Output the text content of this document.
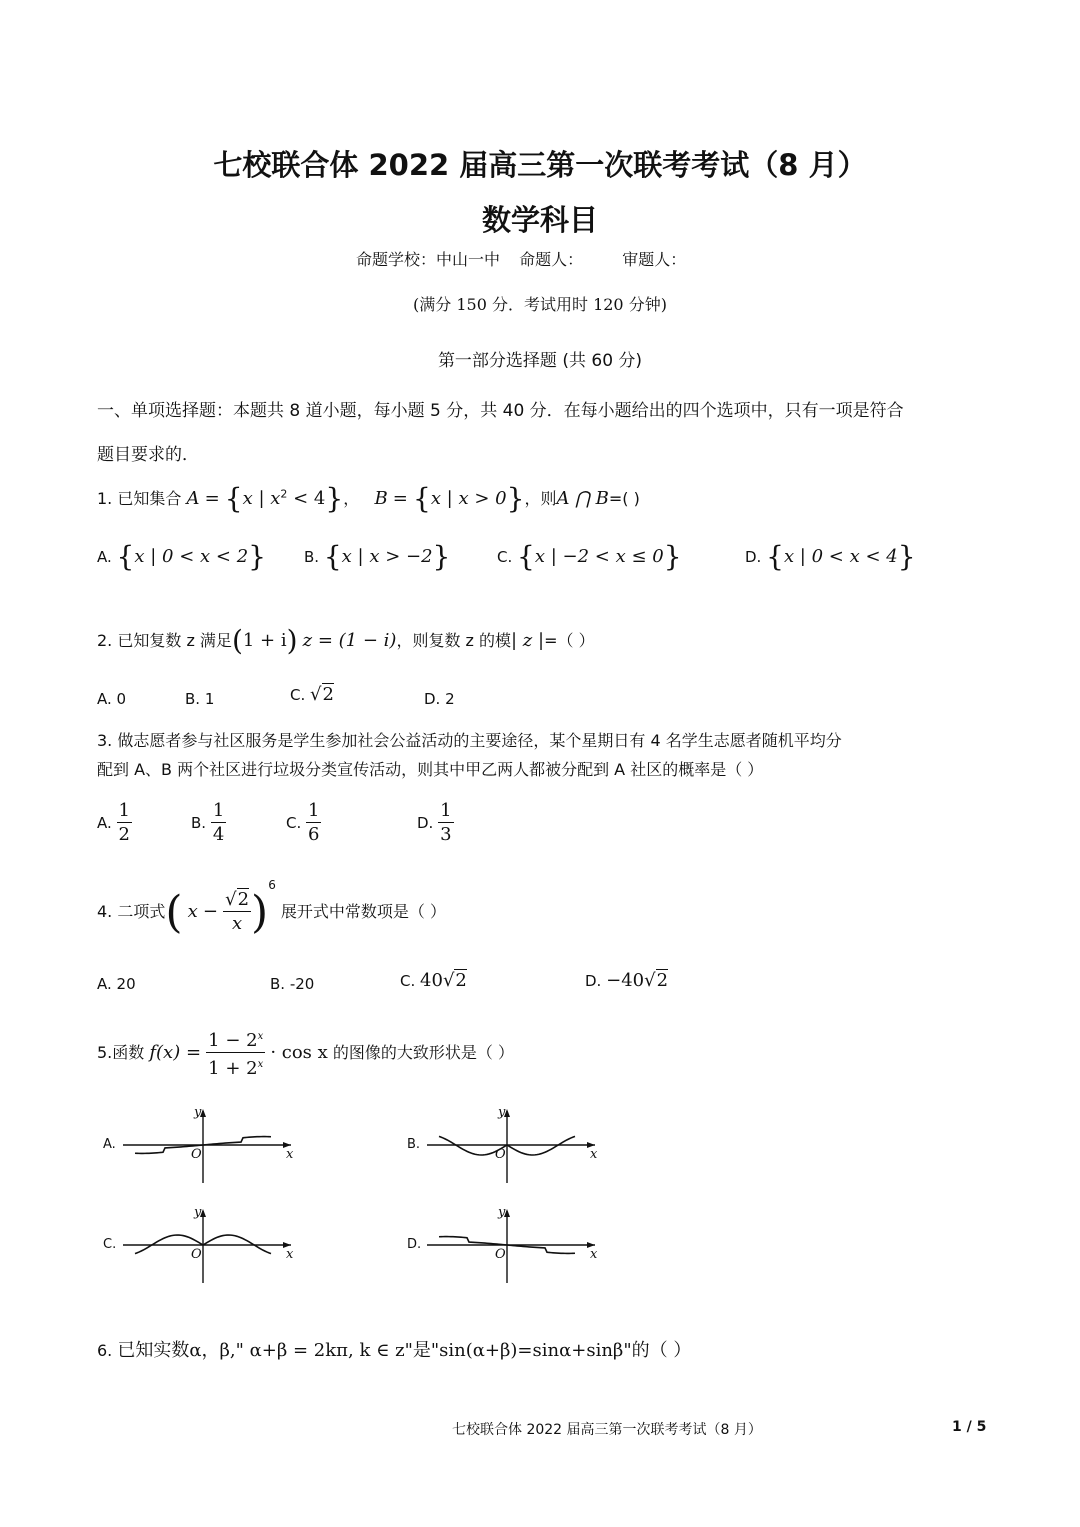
七校联合体 2022 届高三第一次联考考试（8 月）
数学科目
命题学校：中山一中 命题人： 审题人：
(满分 150 分．考试用时 120 分钟)
第一部分选择题 (共 60 分)
一、单项选择题：本题共 8 道小题，每小题 5 分，共 40 分．在每小题给出的四个选项中，只有一项是符合
题目要求的．
1. 已知集合 A = {x | $x^2 < 4$}，   B = {x | x > 0}，则A ⋂ B=( )
A. {x | 0 < x < 2}	B. {x | x > −2}	C. {x | −2 < x ≤ 0}	D. {x | 0 < x < 4}
2. 已知复数 z 满足(1 + i) z = (1 − i)，则复数 z 的模| z |=（ ）
A. 0	B. 1	C. √2	D. 2
3. 做志愿者参与社区服务是学生参加社会公益活动的主要途径，某个星期日有 4 名学生志愿者随机平均分
配到 A、B 两个社区进行垃圾分类宣传活动，则其中甲乙两人都被分配到 A 社区的概率是（ ）
A. $\frac{1}{2}$	B. $\frac{1}{4}$	C. $\frac{1}{6}$	D. $\frac{1}{3}$
4. 二项式( $x - \frac{√2}{x} )^6$ 展开式中常数项是（ ）
A. 20	B. -20	C. 40√2	D. −40√2
5.函数 $f(x) = \frac{1 - 2^x}{1 + 2^x} \cdot \cos x$ 的图像的大致形状是（ ）
A.
y
x
O
B.
y
x
O
C.
y
x
O
D.
y
x
O
6. 已知实数α，β," α+β = 2kπ, k ∈ z"是"sin(α+β)=sinα+sinβ"的（ ）
七校联合体 2022 届高三第一次联考考试（8 月）	1 / 5
